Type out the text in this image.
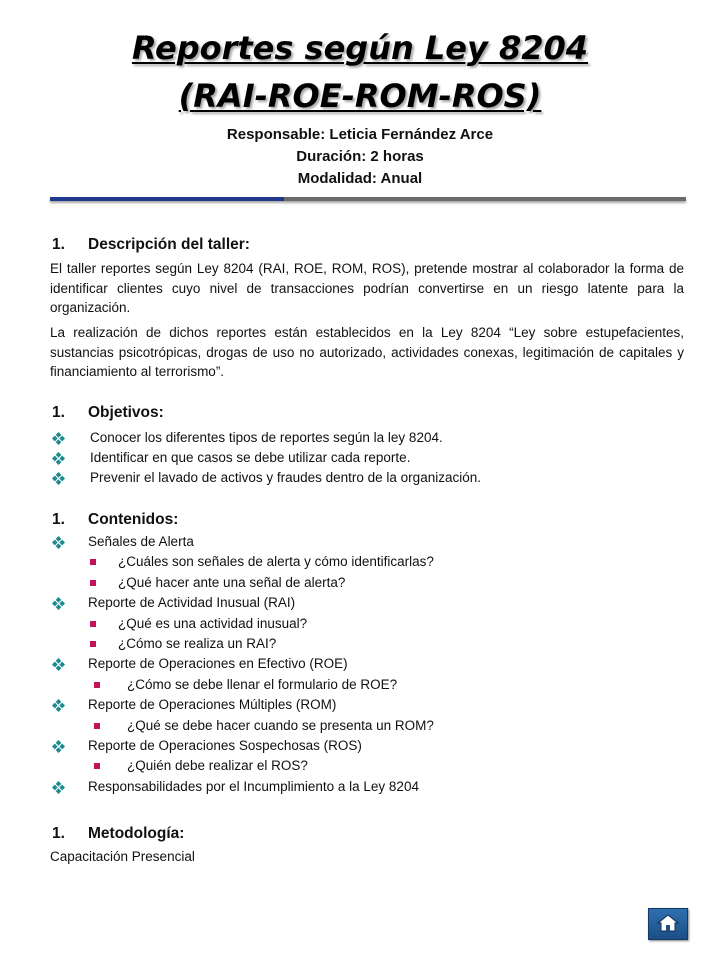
Reportes según Ley 8204
(RAI-ROE-ROM-ROS)
Responsable: Leticia Fernández Arce
Duración: 2 horas
Modalidad: Anual
1. Descripción del taller:

El taller reportes según Ley 8204 (RAI, ROE, ROM, ROS), pretende mostrar al colaborador la forma de identificar clientes cuyo nivel de transacciones podrían convertirse en un riesgo latente para la organización.

La realización de dichos reportes están establecidos en la Ley 8204 “Ley sobre estupefacientes, sustancias psicotrópicas, drogas de uso no autorizado, actividades conexas, legitimación de capitales y financiamiento al terrorismo”.

1. Objetivos:
Conocer los diferentes tipos de reportes según la ley 8204.
Identificar en que casos se debe utilizar cada reporte.
Prevenir el lavado de activos y fraudes dentro de la organización.
1. Contenidos:
Señales de Alerta
¿Cuáles son señales de alerta y cómo identificarlas?
¿Qué hacer ante una señal de alerta?
Reporte de Actividad Inusual (RAI)
¿Qué es una actividad inusual?
¿Cómo se realiza un RAI?
Reporte de Operaciones en Efectivo (ROE)
¿Cómo se debe llenar el formulario de ROE?
Reporte de Operaciones Múltiples (ROM)
¿Qué se debe hacer cuando se presenta un ROM?
Reporte de Operaciones Sospechosas (ROS)
¿Quién debe realizar el ROS?
Responsabilidades por el Incumplimiento a la Ley 8204
1. Metodología:
Capacitación Presencial
